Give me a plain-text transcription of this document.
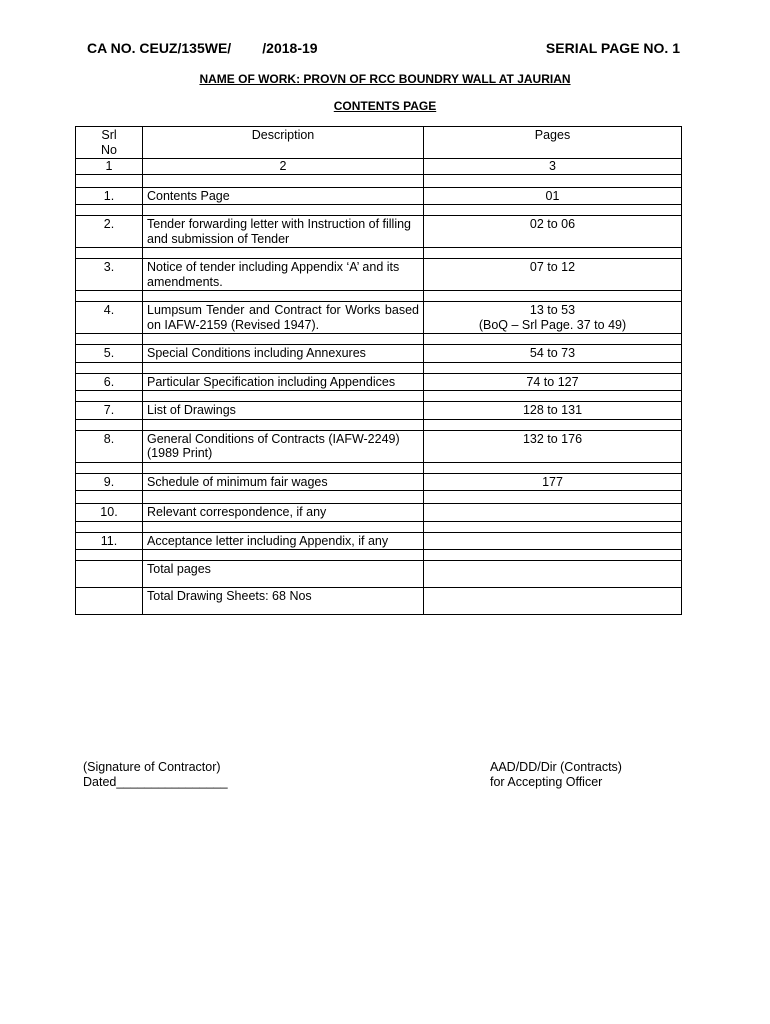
CA NO. CEUZ/135WE/        /2018-19	SERIAL PAGE NO. 1
NAME OF WORK: PROVN OF RCC BOUNDRY WALL AT JAURIAN
CONTENTS PAGE
Srl
No	Description	Pages
1	2	3

1.	Contents Page	01

2.	Tender forwarding letter with Instruction of filling and submission of Tender	02 to 06

3.	Notice of tender including Appendix ‘A’ and its amendments.	07 to 12

4.	Lumpsum Tender and Contract for Works based on IAFW-2159 (Revised 1947).	13 to 53
(BoQ – Srl Page. 37 to 49)

5.	Special Conditions including Annexures	54 to 73

6.	Particular Specification including Appendices	74 to 127

7.	List of Drawings	128 to 131

8.	General Conditions of Contracts (IAFW-2249) (1989 Print)	132 to 176

9.	Schedule of minimum fair wages	177

10.	Relevant correspondence, if any	

11.	Acceptance letter including Appendix, if any	

	Total pages	
	Total Drawing Sheets: 68 Nos	
(Signature of Contractor)
Dated________________
AAD/DD/Dir (Contracts)
for Accepting Officer
